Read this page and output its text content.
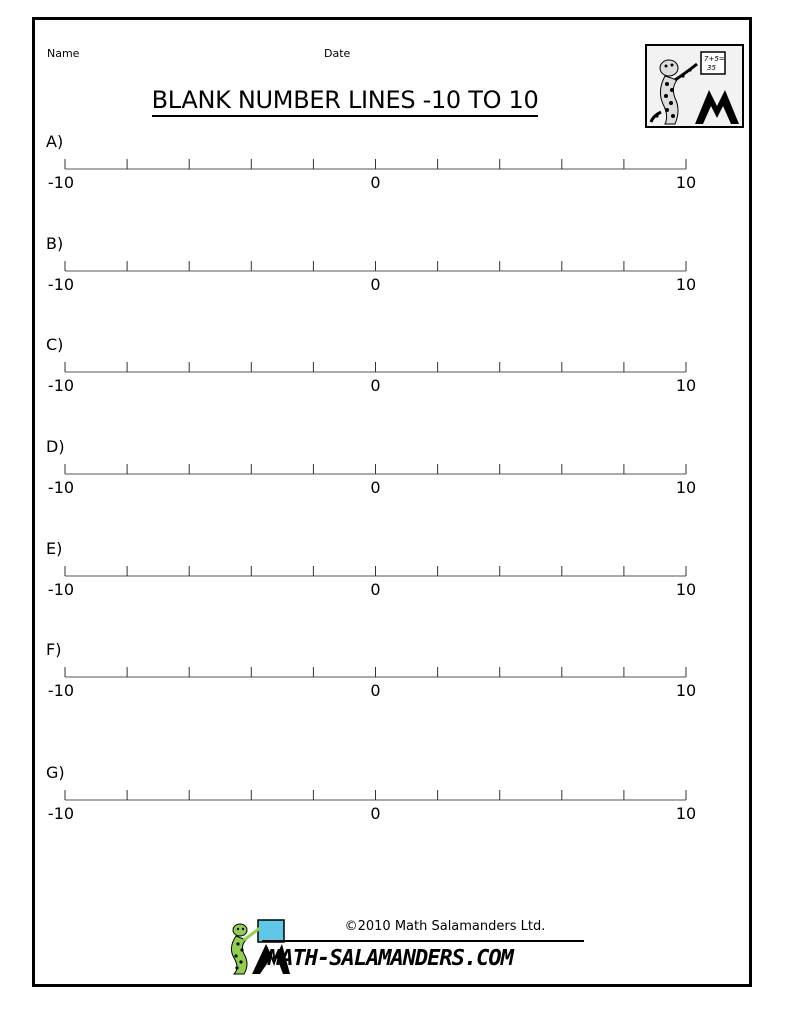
Name	Date
BLANK NUMBER LINES -10 TO 10
7+5=
35
A)
-10	0	10
B)
-10	0	10
C)
-10	0	10
D)
-10	0	10
E)
-10	0	10
F)
-10	0	10
G)
-10	0	10
©2010 Math Salamanders Ltd.
MATH-SALAMANDERS.COM
